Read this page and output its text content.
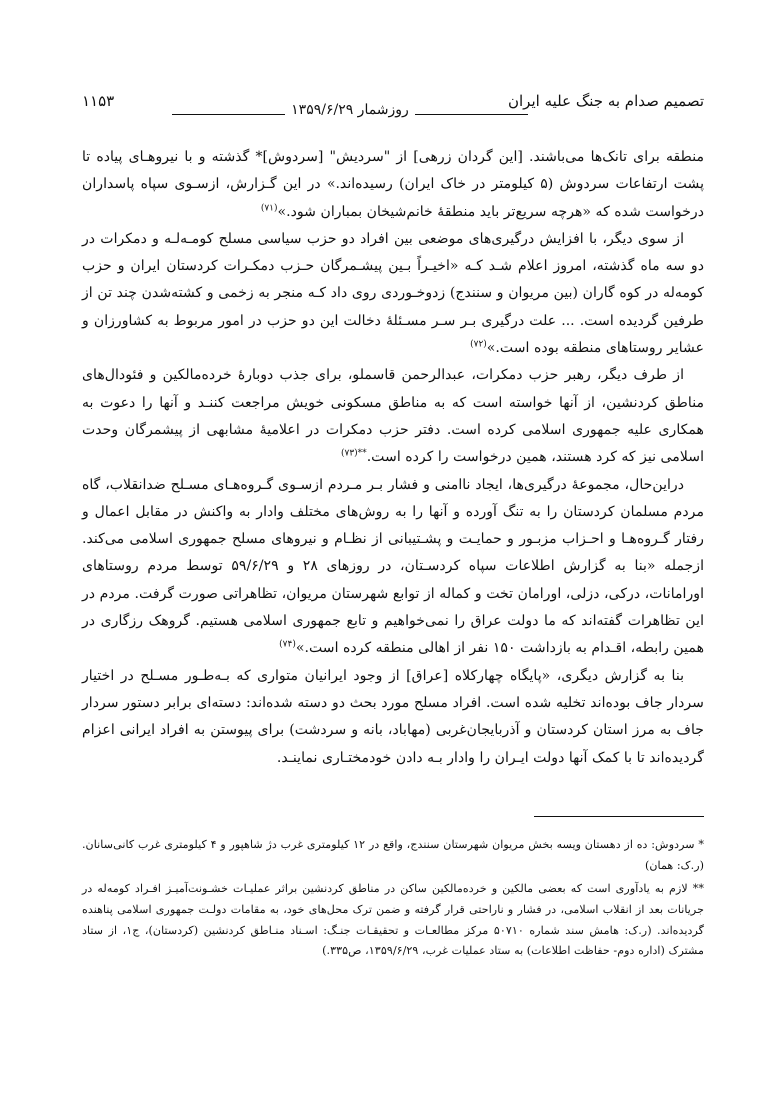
تصمیم صدام به جنگ علیه ایران
روزشمار ۱۳۵۹/۶/۲۹
۱۱۵۳

منطقه برای تانک‌ها می‌باشند. [این گردان زرهی] از "سردیش" [سردوش]* گذشته و با نیروهـای پیاده تا پشت ارتفاعات سردوش (۵ کیلومتر در خاک ایران) رسیده‌اند.» در این گـزارش، ازسـوی سپاه پاسداران درخواست شده که «هرچه سریع‌تر باید منطقهٔ خانم‌شیخان بمباران شود.»$^{(۷۱)}$

از سوی دیگر، با افزایش درگیری‌های موضعی بین افراد دو حزب سیاسی مسلح کومـه‌لـه و دمکرات در دو سه ماه گذشته، امروز اعلام شـد کـه «اخیـراً بـین پیشـمرگان حـزب دمکـرات کردستان ایران و حزب کومه‌له در کوه گاران (بین مریوان و سنندج) زدوخـوردی روی داد کـه منجر به زخمی و کشته‌شدن چند تن از طرفین گردیده است. ... علت درگیری بـر سـر مسـئلهٔ دخالت این دو حزب در امور مربوط به کشاورزان و عشایر روستاهای منطقه بوده است.»$^{(۷۲)}$

از طرف دیگر، رهبر حزب دمکرات، عبدالرحمن قاسملو، برای جذب دوبارهٔ خرده‌مالکین و فئودال‌های مناطق کردنشین، از آنها خواسته است که به مناطق مسکونی خویش مراجعت کننـد و آنها را دعوت به همکاری علیه جمهوری اسلامی کرده است. دفتر حزب دمکرات در اعلامیهٔ مشابهی از پیشمرگان وحدت اسلامی نیز که کرد هستند، همین درخواست را کرده است.$^{**(۷۳)}$

دراین‌حال، مجموعهٔ درگیری‌ها، ایجاد ناامنی و فشار بـر مـردم ازسـوی گـروه‌هـای مسـلح ضدانقلاب، گاه مردم مسلمان کردستان را به تنگ آورده و آنها را به روش‌های مختلف وادار به واکنش در مقابل اعمال و رفتار گـروه‌هـا و احـزاب مزبـور و حمایـت و پشـتیبانی از نظـام و نیروهای مسلح جمهوری اسلامی می‌کند. ازجمله «بنا به گزارش اطلاعات سپاه کردسـتان، در روزهای ۲۸ و ۵۹/۶/۲۹ توسط مردم روستاهای اورامانات، درکی، دزلی، اورامان تخت و کماله از توابع شهرستان مریوان، تظاهراتی صورت گرفت. مردم در این تظاهرات گفته‌اند که ما دولت عراق را نمی‌خواهیم و تابع جمهوری اسلامی هستیم. گروهک رزگاری در همین رابطه، اقـدام به بازداشت ۱۵۰ نفر از اهالی منطقه کرده است.»$^{(۷۴)}$

بنا به گزارش دیگری، «پایگاه چهارکلاه [عراق] از وجود ایرانیان متواری که بـه‌طـور مسـلح در اختیار سردار جاف بوده‌اند تخلیه شده است. افراد مسلح مورد بحث دو دسته شده‌اند: دسته‌ای برابر دستور سردار جاف به مرز استان کردستان و آذربایجان‌غربی (مهاباد، بانه و سردشت) برای پیوستن به افراد ایرانی اعزام گردیده‌اند تا با کمک آنها دولت ایـران را وادار بـه دادن خودمختـاری نماینـد.

* سردوش: ده از دهستان ویسه بخش مریوان شهرستان سنندج، واقع در ۱۲ کیلومتری غرب دژ شاهپور و ۴ کیلومتری غرب کانی‌سانان. (ر.ک: همان)

** لازم به یادآوری است که بعضی مالکین و خرده‌مالکین ساکن در مناطق کردنشین براثر عملیـات خشـونت‌آمیـز افـراد کومه‌له در جریانات بعد از انقلاب اسلامی، در فشار و ناراحتی قرار گرفته و ضمن ترک محل‌های خود، به مقامات دولـت جمهوری اسلامی پناهنده گردیده‌اند. (ر.ک: هامش سند شماره ۵۰۷۱۰ مرکز مطالعـات و تحقیقـات جنـگ: اسـناد منـاطق کردنشین (کردستان)، ج۱، از ستاد مشترک (اداره دوم- حفاظت اطلاعات) به ستاد عملیات غرب، ۱۳۵۹/۶/۲۹، ص۳۳۵.)
